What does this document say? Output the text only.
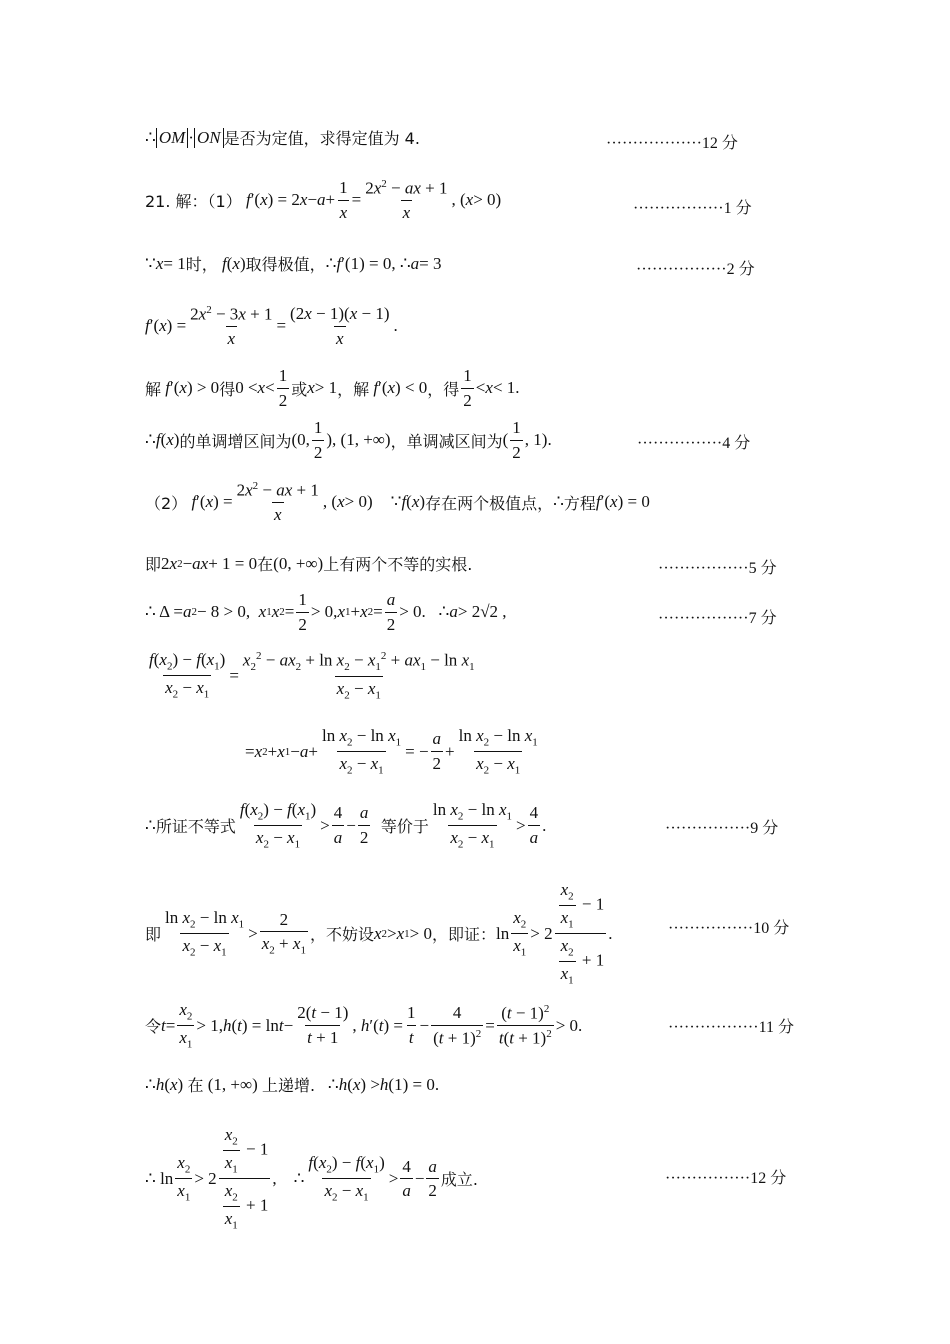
∴ OM · ON 是否为定值，求得定值为 4.	··················12 分
21. 解：（1）
f ′( x ) = 2 x − a +
1
x
=
$2x^2$ − ax + 1
x
, ( x > 0)	·················1 分
∵ x = 1 时，
f ( x ) 取得极值， ∴ f ′(1) = 0, ∴ a = 3	·················2 分
f ′( x ) =
$2x^2 - 3x + 1$
x
=
(2x − 1)(x − 1)
x
.
解
f ′( x ) > 0 得 0 < x <
1
2
或 x > 1 ，解
f ′( x ) < 0 ，得
1
2
< x < 1.
∴ f ( x ) 的单调增区间为 (0,
1
2
), (1, +∞) ，单调减区间为 (
1
2
, 1).	················4 分
（2）
f ′( x ) =
$2x^2$ − ax + 1
x
, ( x > 0)
∵ f ( x ) 存在两个极值点， ∴ 方程 f ′( x ) = 0
即 2 x 2 − ax + 1 = 0 在 (0, +∞) 上有两个不等的实根.	·················5 分
∴ Δ = a 2 − 8 > 0, x 1 x 2 =
1
2
> 0, x 1 + x 2 =
a
2
> 0.   ∴ a > 2√2 ,	·················7 分
$f(x_2) - f(x_1)$
$x_2 - x_1$
=
$x_2^2 - ax_2 + \ln x_2 - x_1^2 + ax_1 - \ln x_1$
$x_2 - x_1$
= x 2 + x 1 − a +
$\ln x_2 - \ln x_1$
$x_2 - x_1$
= −
a
2
+
$\ln x_2 - \ln x_1$
$x_2 - x_1$
∴ 所证不等式
$f(x_2) - f(x_1)$
$x_2 - x_1$
>
4
a
−
a
2

等价于
$\ln x_2 - \ln x_1$
$x_2 - x_1$
>
4
a
.	················9 分
即
$\ln x_2 - \ln x_1$
$x_2 - x_1$
>
2
$x_2 + x_1$
，不妨设 x 2 > x 1 > 0 ，即证： ln
$x_2$
$x_1$
> 2
$\frac{x_2}{x_1} - 1$
$\frac{x_2}{x_1} + 1$
.	················10 分
令 t =
$x_2$
$x_1$
> 1, h ( t ) = ln t −
2(t − 1)
t + 1
, h ′( t ) =
1
t
−
4
$(t + 1)^2$ =
$(t - 1)^2$
$t(t + 1)^2 > 0$.	·················11 分
∴ h ( x ) 在 (1, +∞) 上递增. ∴ h ( x ) > h (1) = 0.
∴ ln
$x_2$
$x_1$
> 2
$\frac{x_2}{x_1} - 1$
$\frac{x_2}{x_1} + 1$
,    ∴
$f(x_2) - f(x_1)$
$x_2 - x_1$
>
4
a
−
a
2
成立.	················12 分
